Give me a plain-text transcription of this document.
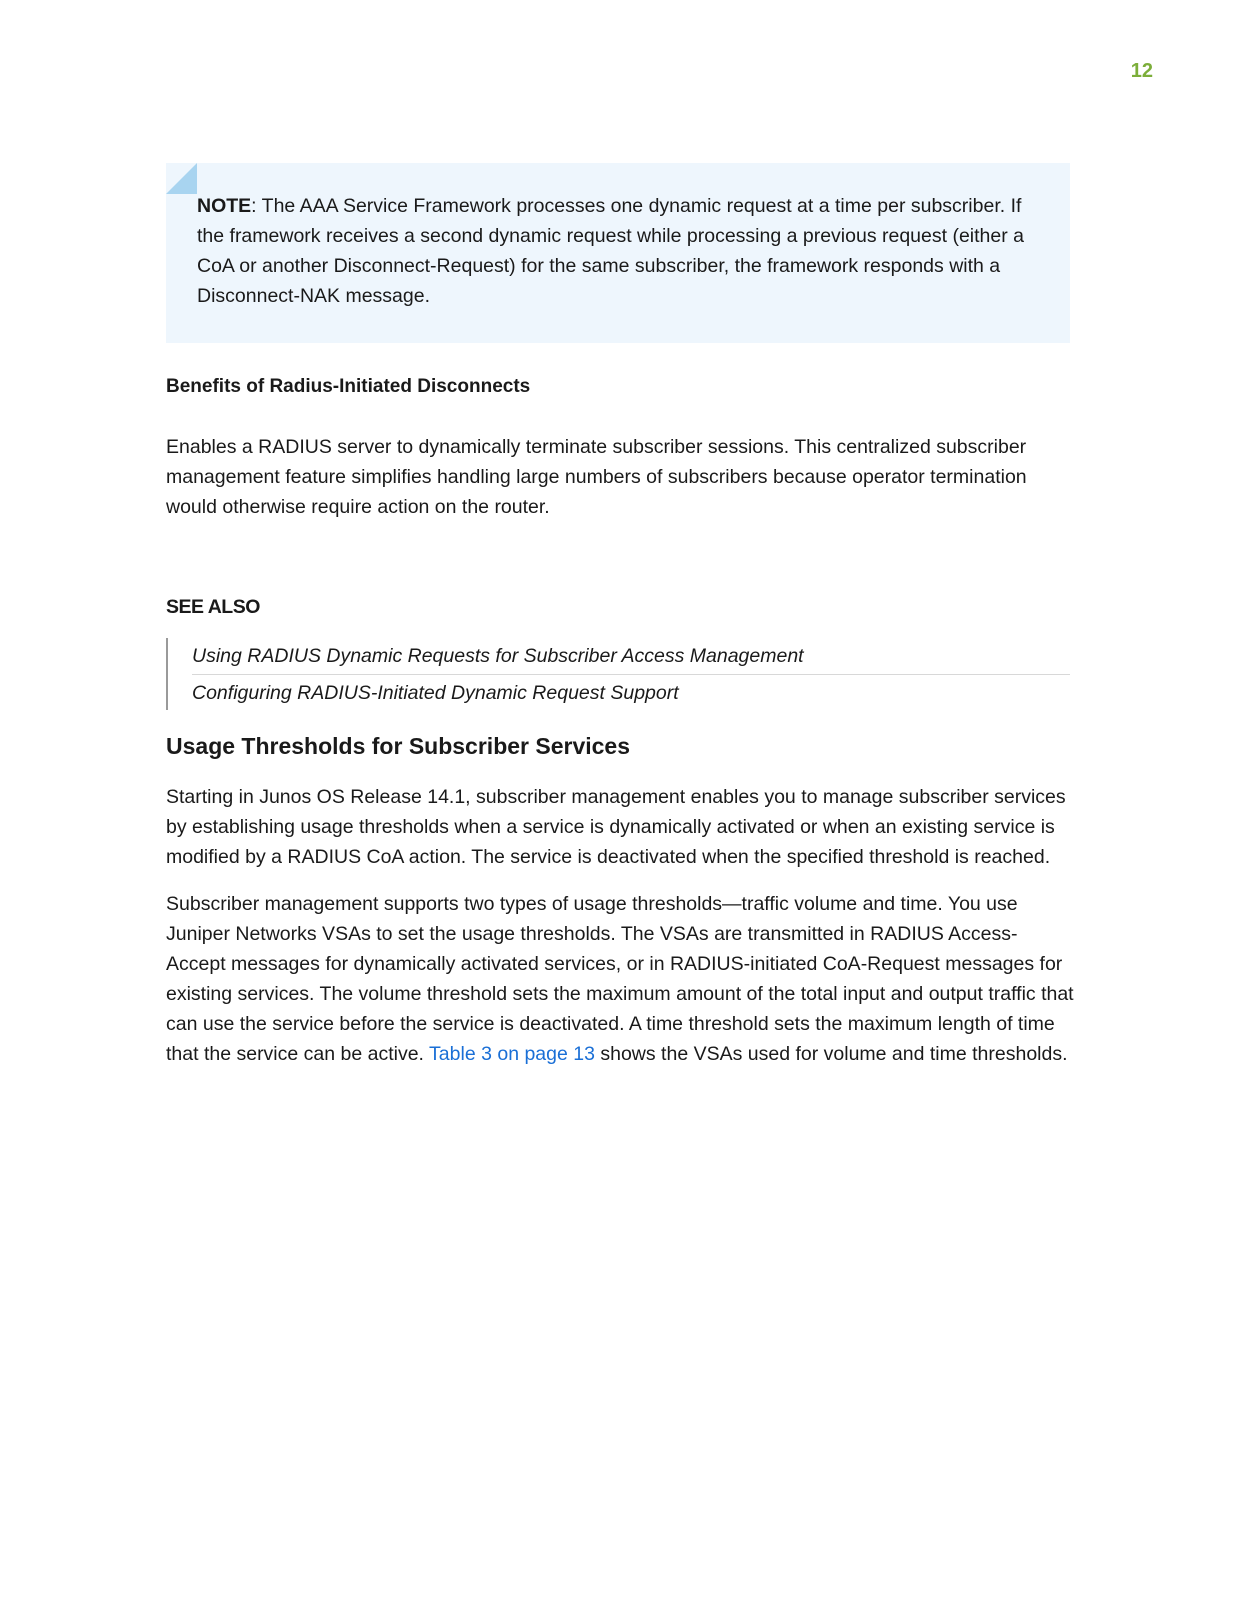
12

NOTE: The AAA Service Framework processes one dynamic request at a time per subscriber. If the framework receives a second dynamic request while processing a previous request (either a CoA or another Disconnect-Request) for the same subscriber, the framework responds with a Disconnect-NAK message.

Benefits of Radius-Initiated Disconnects

Enables a RADIUS server to dynamically terminate subscriber sessions. This centralized subscriber management feature simplifies handling large numbers of subscribers because operator termination would otherwise require action on the router.

SEE ALSO
Using RADIUS Dynamic Requests for Subscriber Access Management
Configuring RADIUS-Initiated Dynamic Request Support
Usage Thresholds for Subscriber Services

Starting in Junos OS Release 14.1, subscriber management enables you to manage subscriber services by establishing usage thresholds when a service is dynamically activated or when an existing service is modified by a RADIUS CoA action. The service is deactivated when the specified threshold is reached.

Subscriber management supports two types of usage thresholds—traffic volume and time. You use Juniper Networks VSAs to set the usage thresholds. The VSAs are transmitted in RADIUS Access-Accept messages for dynamically activated services, or in RADIUS-initiated CoA-Request messages for existing services. The volume threshold sets the maximum amount of the total input and output traffic that can use the service before the service is deactivated. A time threshold sets the maximum length of time that the service can be active. Table 3 on page 13 shows the VSAs used for volume and time thresholds.
